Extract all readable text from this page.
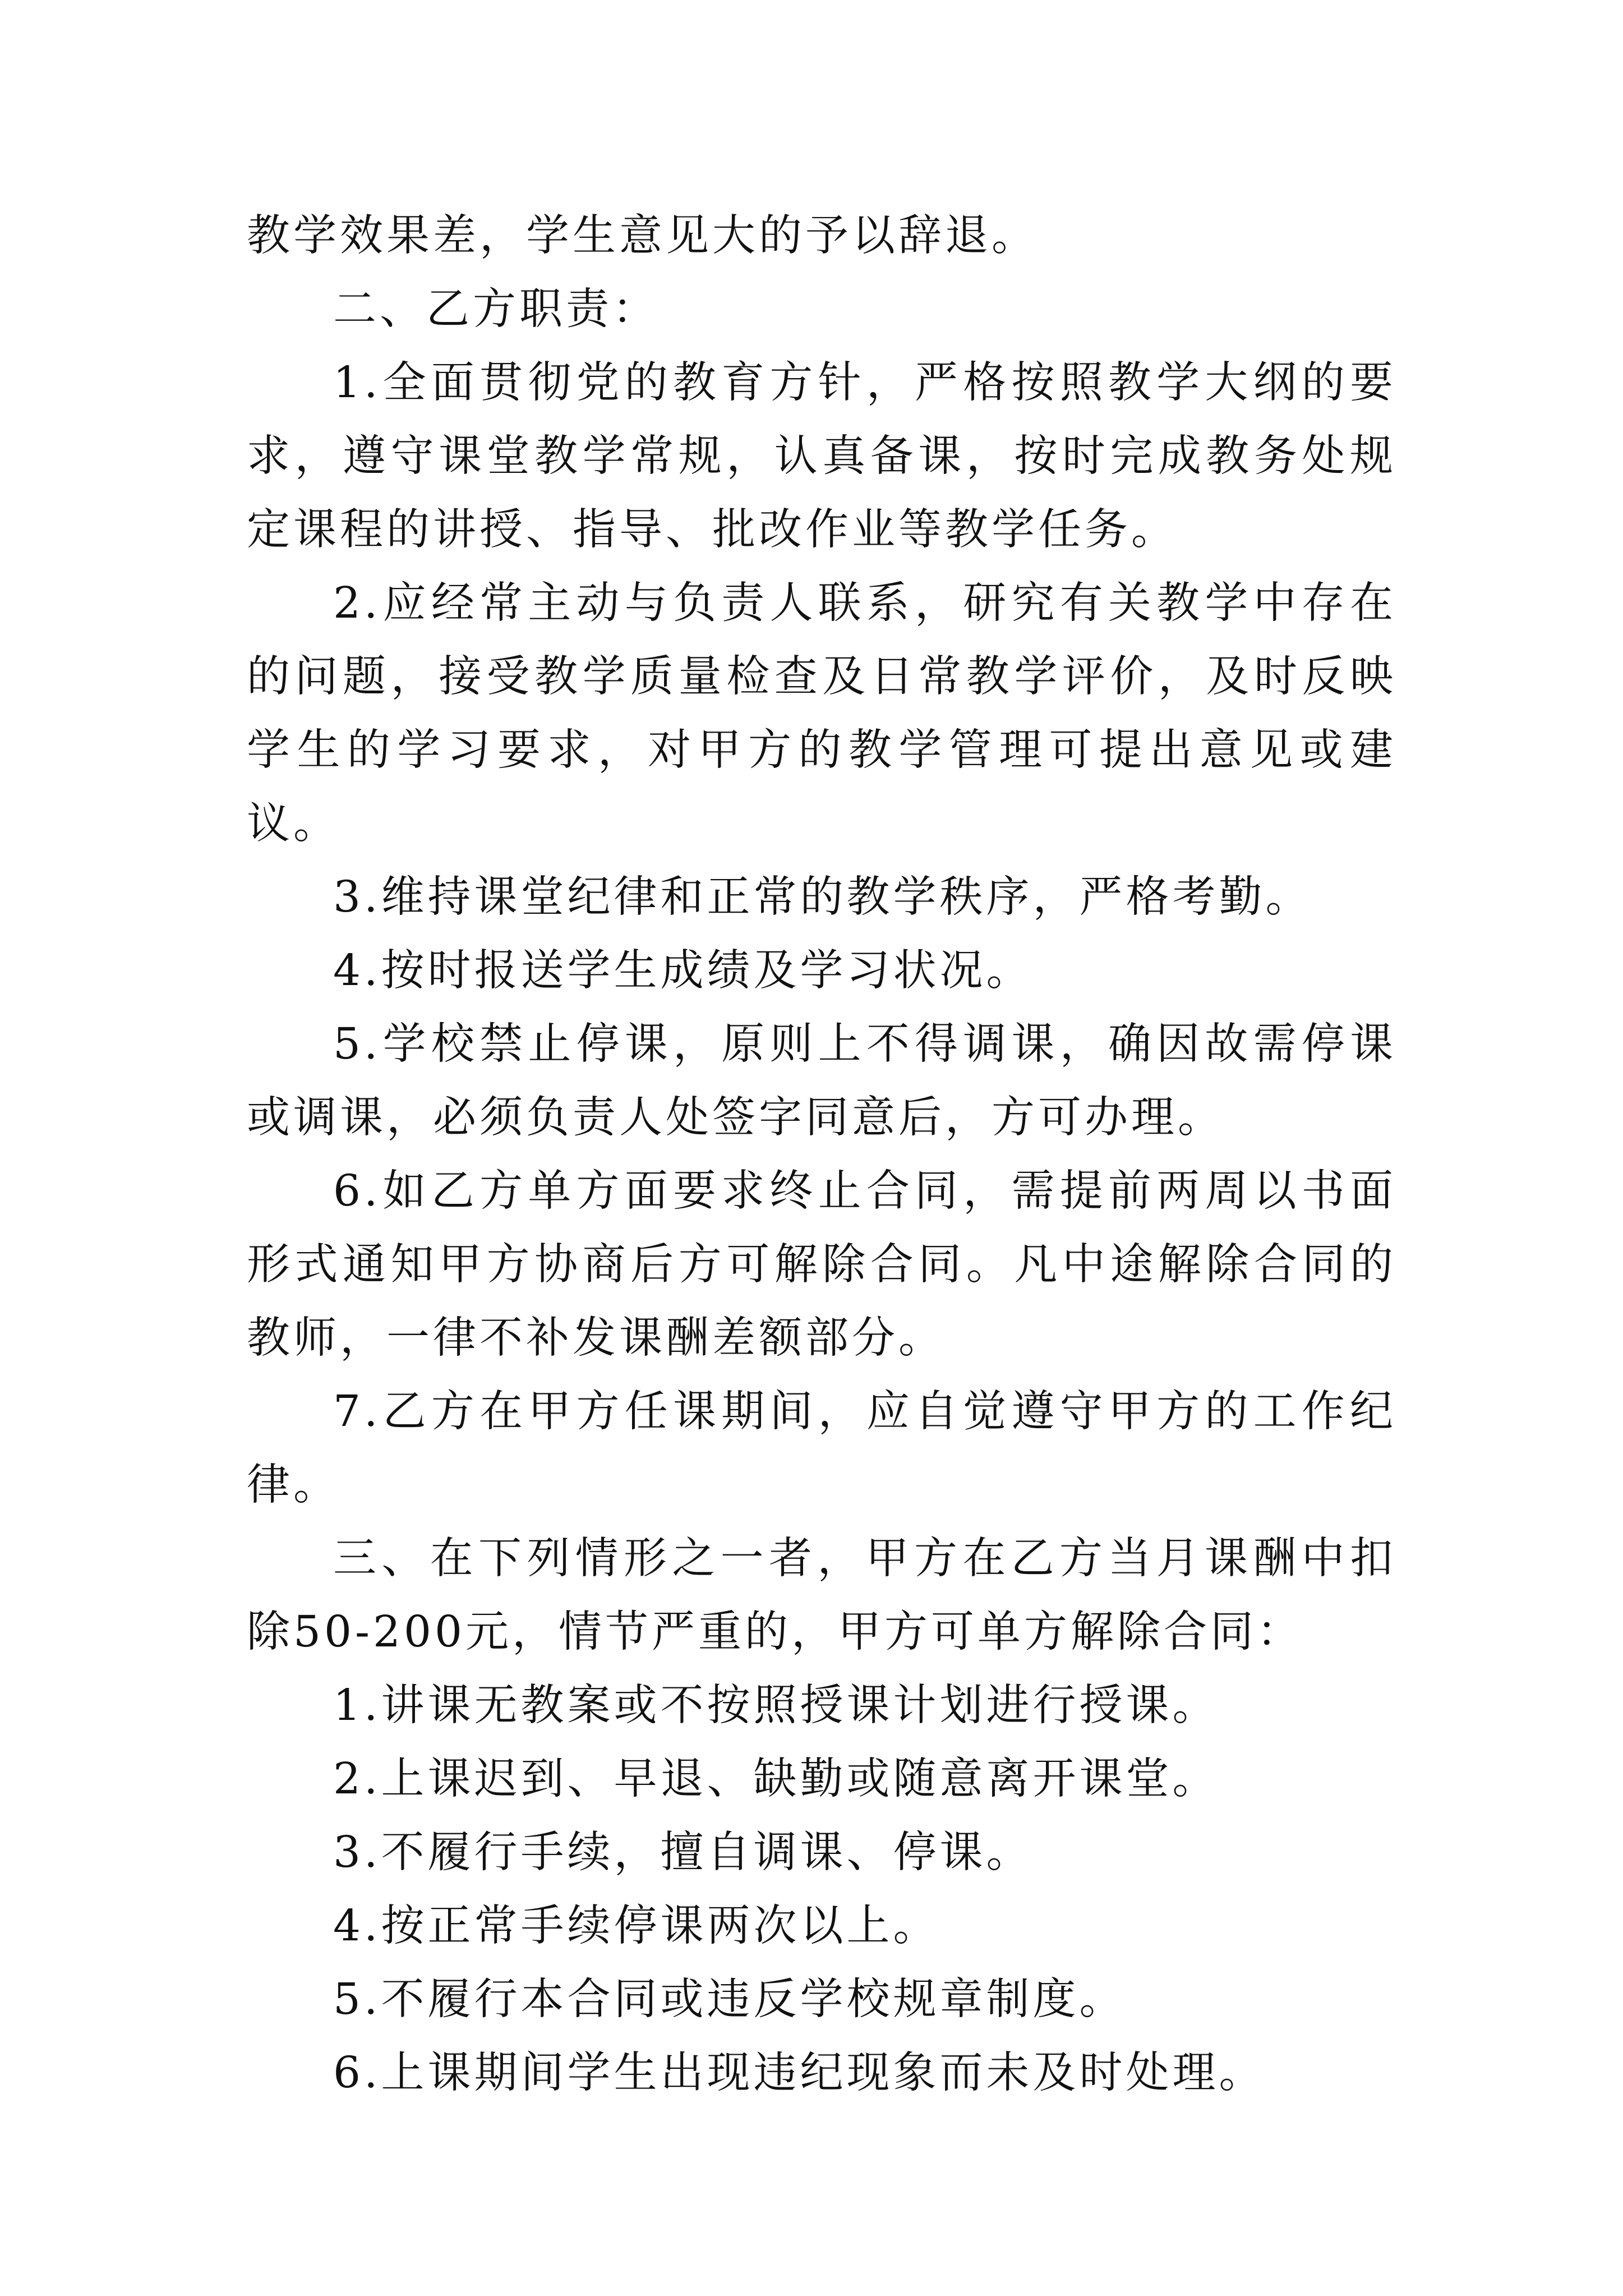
教学效果差，学生意见大的予以辞退。

二、乙方职责：

1.全面贯彻党的教育方针，严格按照教学大纲的要求，遵守课堂教学常规，认真备课，按时完成教务处规定课程的讲授、指导、批改作业等教学任务。

2.应经常主动与负责人联系，研究有关教学中存在的问题，接受教学质量检查及日常教学评价，及时反映学生的学习要求，对甲方的教学管理可提出意见或建议。

3.维持课堂纪律和正常的教学秩序，严格考勤。

4.按时报送学生成绩及学习状况。

5.学校禁止停课，原则上不得调课，确因故需停课或调课，必须负责人处签字同意后，方可办理。

6.如乙方单方面要求终止合同，需提前两周以书面形式通知甲方协商后方可解除合同。凡中途解除合同的教师，一律不补发课酬差额部分。

7.乙方在甲方任课期间，应自觉遵守甲方的工作纪律。

三、在下列情形之一者，甲方在乙方当月课酬中扣除50-200元，情节严重的，甲方可单方解除合同：

1.讲课无教案或不按照授课计划进行授课。

2.上课迟到、早退、缺勤或随意离开课堂。

3.不履行手续，擅自调课、停课。

4.按正常手续停课两次以上。

5.不履行本合同或违反学校规章制度。

6.上课期间学生出现违纪现象而未及时处理。
